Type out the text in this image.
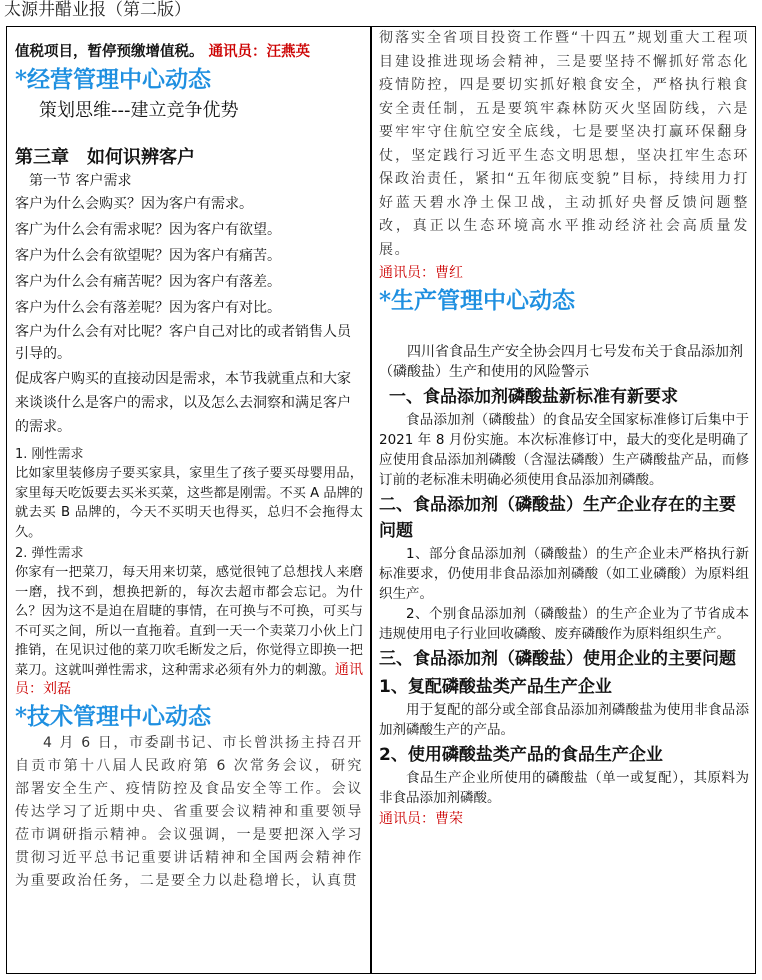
太源井醋业报（第二版）
值税项目，暂停预缴增值税。 通讯员：汪燕英
*经营管理中心动态
策划思维---建立竞争优势
第三章　如何识辨客户
第一节 客户需求

客户为什么会购买？因为客户有需求。

客广为什么会有需求呢？因为客户有欲望。

客户为什么会有欲望呢？因为客户有痛苦。

客户为什么会有痛苦呢？因为客户有落差。

客户为什么会有落差呢？因为客户有对比。

客户为什么会有对比呢？客户自己对比的或者销售人员引导的。

促成客户购买的直接动因是需求，本节我就重点和大家来谈谈什么是客户的需求，以及怎么去洞察和满足客户的需求。

1. 刚性需求

比如家里装修房子要买家具，家里生了孩子要买母婴用品，家里每天吃饭要去买米买菜，这些都是刚需。不买 A 品牌的就去买 B 品牌的，今天不买明天也得买，总归不会拖得太久。

2. 弹性需求

你家有一把菜刀，每天用来切菜，感觉很钝了总想找人来磨一磨，找不到，想换把新的，每次去超市都会忘记。为什么？因为这不是迫在眉睫的事情，在可换与不可换，可买与不可买之间，所以一直拖着。直到一天一个卖菜刀小伙上门推销，在见识过他的菜刀吹毛断发之后，你觉得立即换一把菜刀。这就叫弹性需求，这种需求必须有外力的刺激。通讯员：刘磊

*技术管理中心动态

4 月 6 日，市委副书记、市长曾洪扬主持召开自贡市第十八届人民政府第 6 次常务会议，研究部署安全生产、疫情防控及食品安全等工作。会议传达学习了近期中央、省重要会议精神和重要领导莅市调研指示精神。会议强调，一是要把深入学习贯彻习近平总书记重要讲话精神和全国两会精神作为重要政治任务，二是要全力以赴稳增长，认真贯

彻落实全省项目投资工作暨“十四五”规划重大工程项目建设推进现场会精神，三是要坚持不懈抓好常态化疫情防控，四是要切实抓好粮食安全，严格执行粮食安全责任制，五是要筑牢森林防灭火坚固防线，六是要牢牢守住航空安全底线，七是要坚决打赢环保翻身仗，坚定践行习近平生态文明思想，坚决扛牢生态环保政治责任，紧扣“五年彻底变貌”目标，持续用力打好蓝天碧水净土保卫战，主动抓好央督反馈问题整改，真正以生态环境高水平推动经济社会高质量发展。

通讯员：曹红
*生产管理中心动态
四川省食品生产安全协会四月七号发布关于食品添加剂（磷酸盐）生产和使用的风险警示
一、食品添加剂磷酸盐新标准有新要求

食品添加剂（磷酸盐）的食品安全国家标准修订后集中于 2021 年 8 月份实施。本次标准修订中，最大的变化是明确了应使用食品添加剂磷酸（含湿法磷酸）生产磷酸盐产品，而修订前的老标准未明确必须使用食品添加剂磷酸。

二、食品添加剂（磷酸盐）生产企业存在的主要问题

1、部分食品添加剂（磷酸盐）的生产企业未严格执行新标准要求，仍使用非食品添加剂磷酸（如工业磷酸）为原料组织生产。

2、个别食品添加剂（磷酸盐）的生产企业为了节省成本违规使用电子行业回收磷酸、废弃磷酸作为原料组织生产。

三、食品添加剂（磷酸盐）使用企业的主要问题
1、复配磷酸盐类产品生产企业

用于复配的部分或全部食品添加剂磷酸盐为使用非食品添加剂磷酸生产的产品。

2、使用磷酸盐类产品的食品生产企业

食品生产企业所使用的磷酸盐（单一或复配），其原料为非食品添加剂磷酸。

通讯员：曹荣
